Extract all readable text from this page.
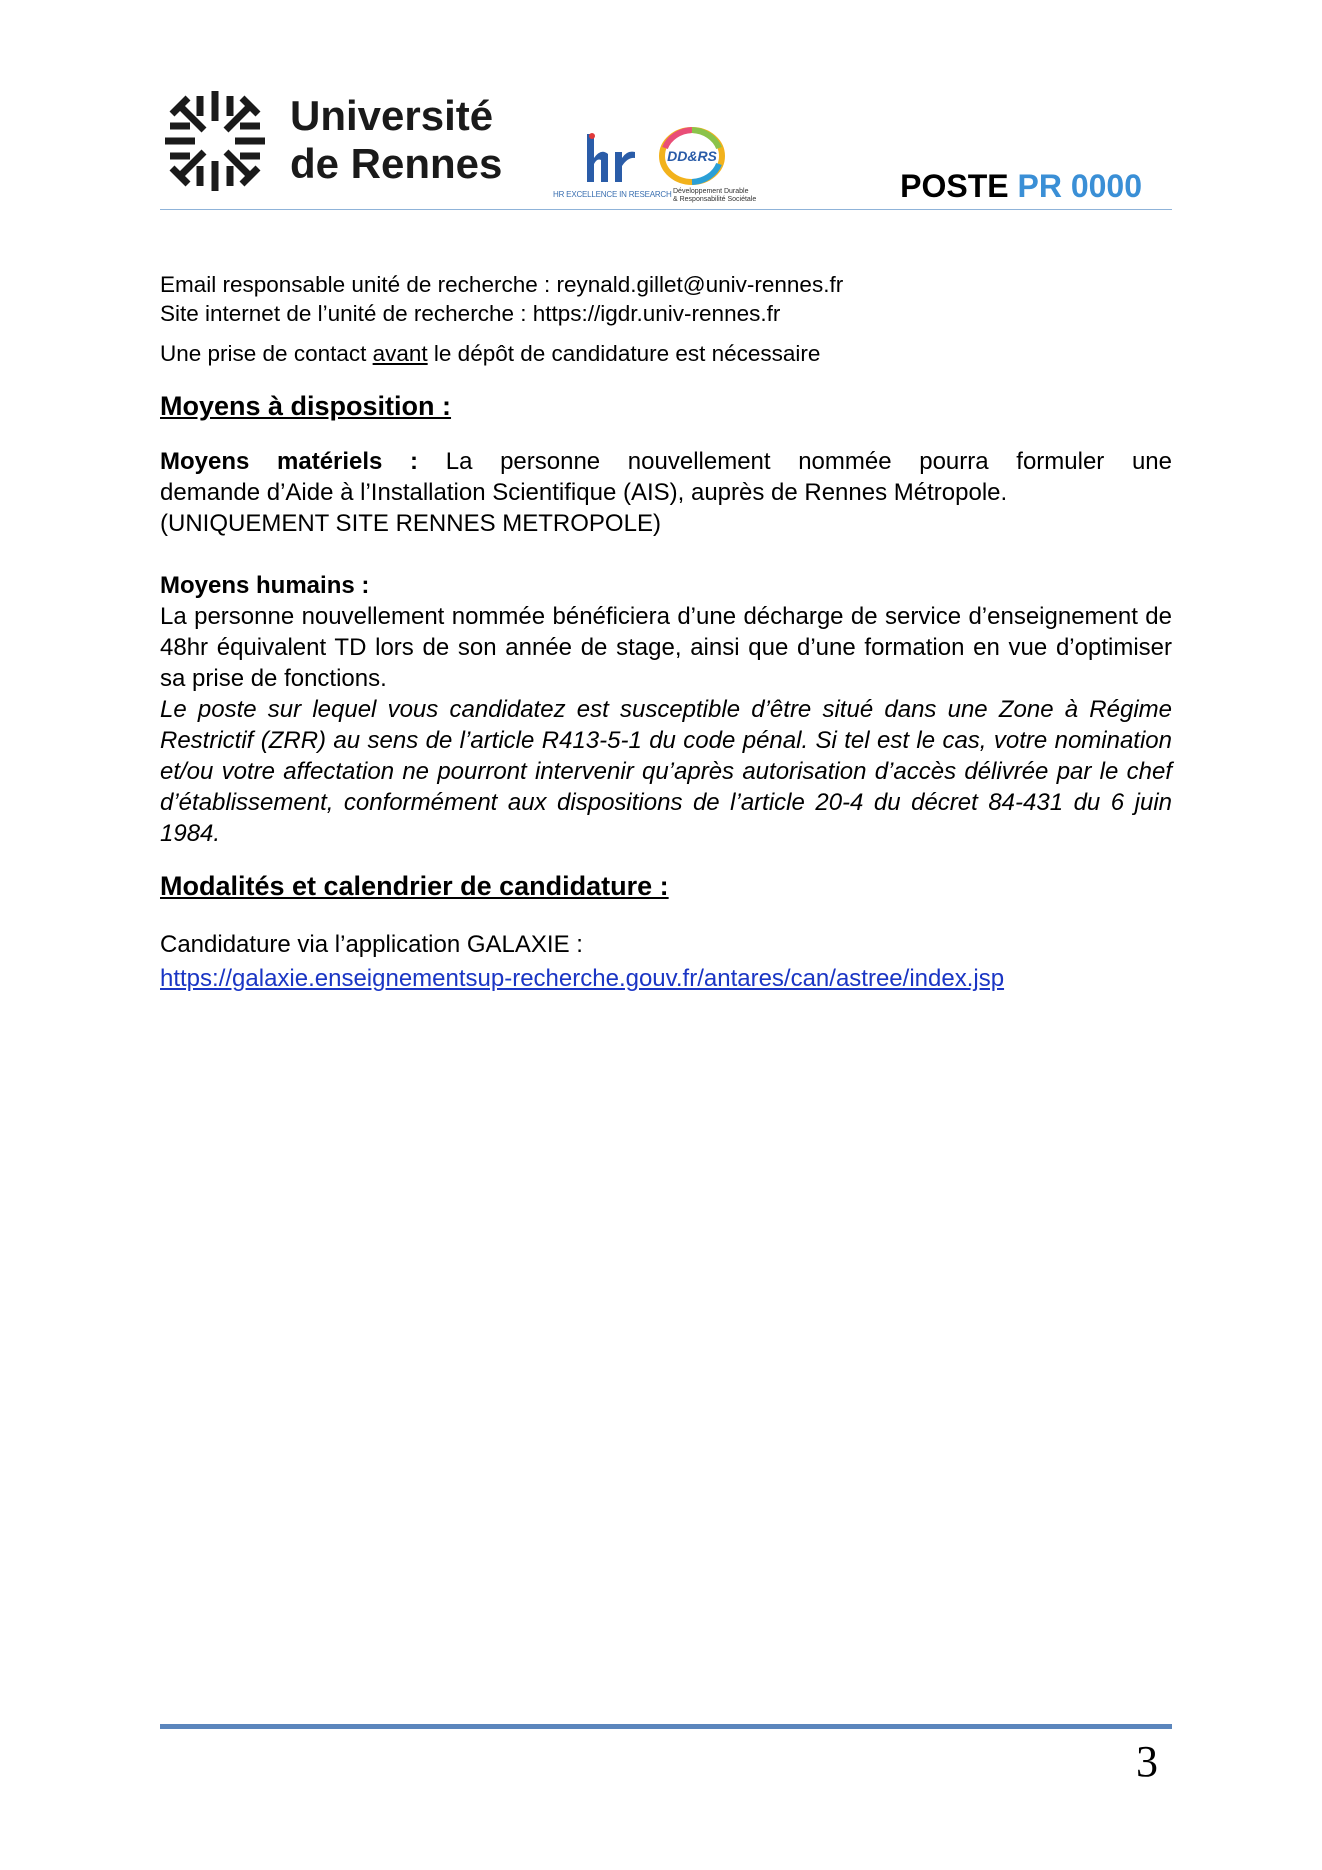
Université
de Rennes
HR EXCELLENCE IN RESEARCH
DD&RS
Développement Durable
& Responsabilité Sociétale	POSTE PR 0000
Email responsable unité de recherche : reynald.gillet@univ-rennes.fr
Site internet de l’unité de recherche : https://igdr.univ-rennes.fr
Une prise de contact avant le dépôt de candidature est nécessaire
Moyens à disposition :
Moyens matériels : La personne nouvellement nommée pourra formuler une
demande d’Aide à l’Installation Scientifique (AIS), auprès de Rennes Métropole.
(UNIQUEMENT SITE RENNES METROPOLE)
Moyens humains :
La personne nouvellement nommée bénéficiera d’une décharge de service d’enseignement de 48hr équivalent TD lors de son année de stage, ainsi que d’une formation en vue d’optimiser sa prise de fonctions.
Le poste sur lequel vous candidatez est susceptible d’être situé dans une Zone à Régime Restrictif (ZRR) au sens de l’article R413-5-1 du code pénal. Si tel est le cas, votre nomination et/ou votre affectation ne pourront intervenir qu’après autorisation d’accès délivrée par le chef d’établissement, conformément aux dispositions de l’article 20-4 du décret 84-431 du 6 juin 1984.
Modalités et calendrier de candidature :
Candidature via l’application GALAXIE :
https://galaxie.enseignementsup-recherche.gouv.fr/antares/can/astree/index.jsp
3
